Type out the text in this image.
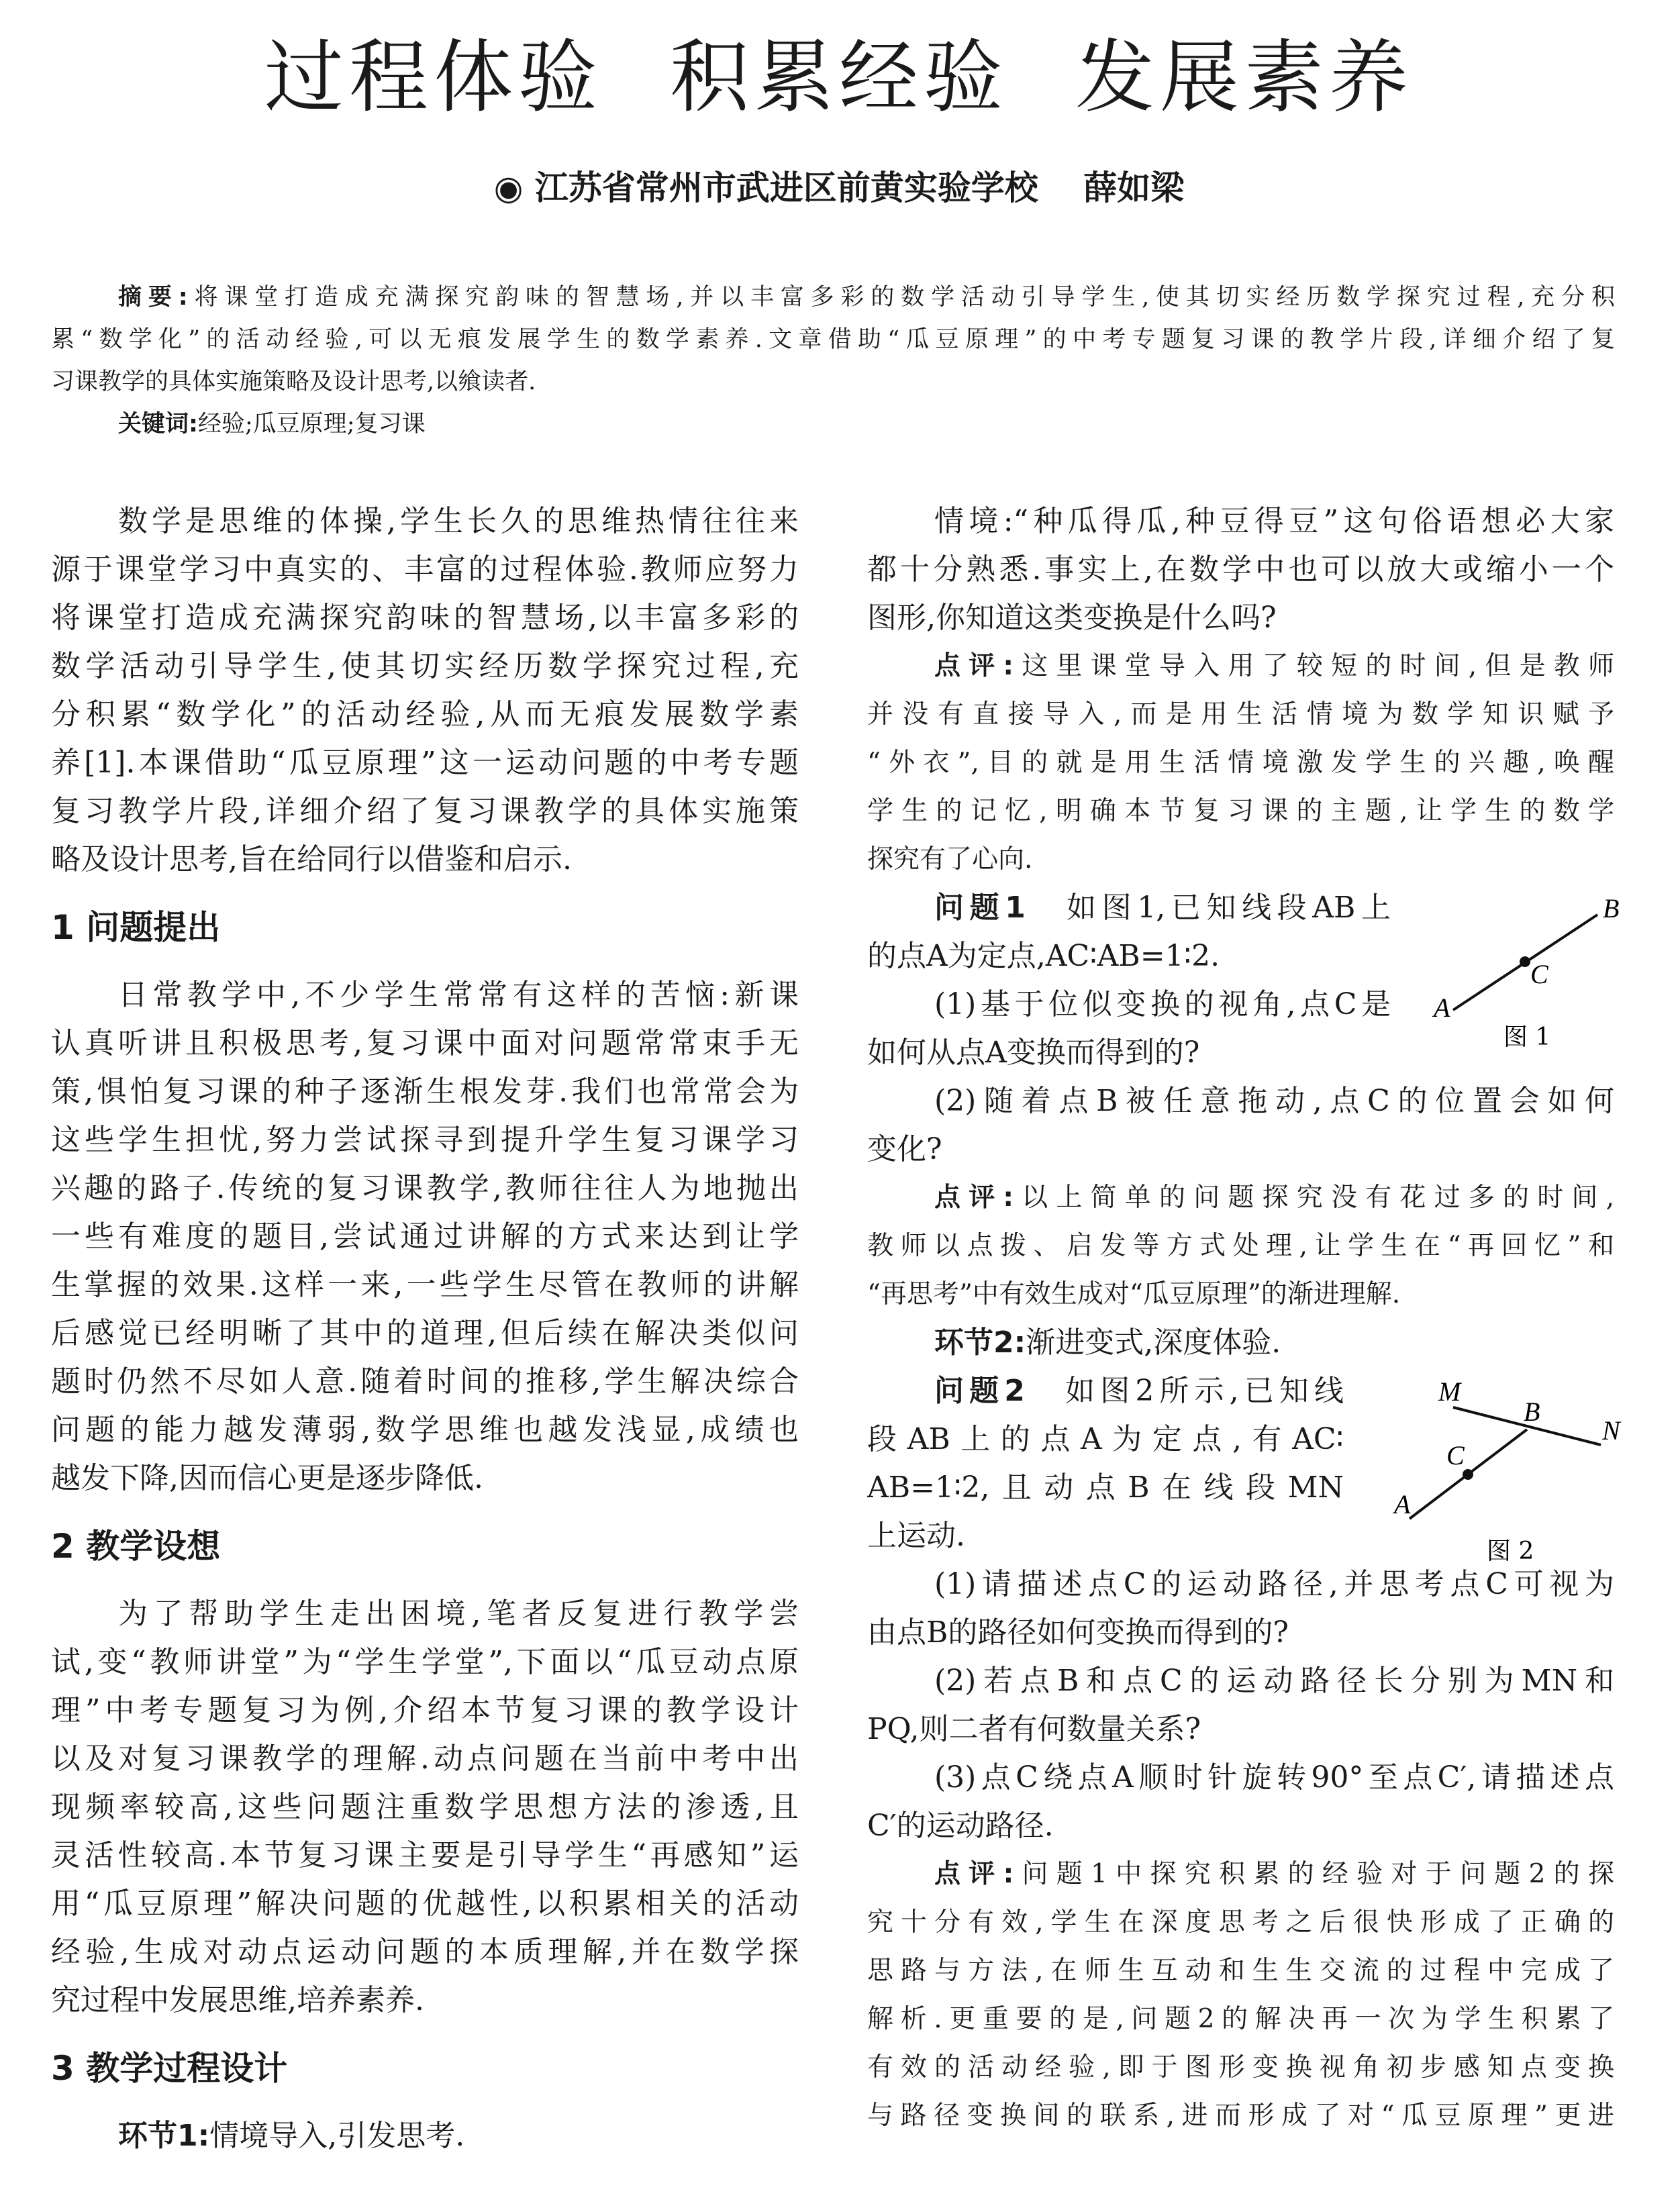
过程体验 积累经验 发展素养
◉ 江苏省常州市武进区前黄实验学校　 薛如梁
摘要:将课堂打造成充满探究韵味的智慧场,并以丰富多彩的数学活动引导学生,使其切实经历数学探究过程,充分积
累“数学化”的活动经验,可以无痕发展学生的数学素养.文章借助“瓜豆原理”的中考专题复习课的教学片段,详细介绍了复
习课教学的具体实施策略及设计思考,以飨读者.
关键词:经验;瓜豆原理;复习课
数学是思维的体操,学生长久的思维热情往往来
源于课堂学习中真实的、丰富的过程体验.教师应努力
将课堂打造成充满探究韵味的智慧场,以丰富多彩的
数学活动引导学生,使其切实经历数学探究过程,充
分积累“数学化”的活动经验,从而无痕发展数学素
养[1].本课借助“瓜豆原理”这一运动问题的中考专题
复习教学片段,详细介绍了复习课教学的具体实施策
略及设计思考,旨在给同行以借鉴和启示.
1 问题提出
日常教学中,不少学生常常有这样的苦恼:新课
认真听讲且积极思考,复习课中面对问题常常束手无
策,惧怕复习课的种子逐渐生根发芽.我们也常常会为
这些学生担忧,努力尝试探寻到提升学生复习课学习
兴趣的路子.传统的复习课教学,教师往往人为地抛出
一些有难度的题目,尝试通过讲解的方式来达到让学
生掌握的效果.这样一来,一些学生尽管在教师的讲解
后感觉已经明晰了其中的道理,但后续在解决类似问
题时仍然不尽如人意.随着时间的推移,学生解决综合
问题的能力越发薄弱,数学思维也越发浅显,成绩也
越发下降,因而信心更是逐步降低.
2 教学设想
为了帮助学生走出困境,笔者反复进行教学尝
试,变“教师讲堂”为“学生学堂”,下面以“瓜豆动点原
理”中考专题复习为例,介绍本节复习课的教学设计
以及对复习课教学的理解.动点问题在当前中考中出
现频率较高,这些问题注重数学思想方法的渗透,且
灵活性较高.本节复习课主要是引导学生“再感知”运
用“瓜豆原理”解决问题的优越性,以积累相关的活动
经验,生成对动点运动问题的本质理解,并在数学探
究过程中发展思维,培养素养.
3 教学过程设计
环节1:情境导入,引发思考.
情境:“种瓜得瓜,种豆得豆”这句俗语想必大家
都十分熟悉.事实上,在数学中也可以放大或缩小一个
图形,你知道这类变换是什么吗?
点评:这里课堂导入用了较短的时间,但是教师
并没有直接导入,而是用生活情境为数学知识赋予
“外衣”,目的就是用生活情境激发学生的兴趣,唤醒
学生的记忆,明确本节复习课的主题,让学生的数学
探究有了心向.
问题1　如图1,已知线段AB上
的点A为定点,AC∶AB=1∶2.
(1)基于位似变换的视角,点C是
如何从点A变换而得到的?
(2)随着点B被任意拖动,点C的位置会如何
变化?
点评:以上简单的问题探究没有花过多的时间,
教师以点拨、启发等方式处理,让学生在“再回忆”和
“再思考”中有效生成对“瓜豆原理”的渐进理解.
环节2:渐进变式,深度体验.
问题2　如图2所示,已知线
段AB上的点A为定点,有AC∶
AB=1∶2,且动点B在线段MN
上运动.
(1)请描述点C的运动路径,并思考点C可视为
由点B的路径如何变换而得到的?
(2)若点B和点C的运动路径长分别为MN和
PQ,则二者有何数量关系?
(3)点C绕点A顺时针旋转90°至点C′,请描述点
C′的运动路径.
点评:问题1中探究积累的经验对于问题2的探
究十分有效,学生在深度思考之后很快形成了正确的
思路与方法,在师生互动和生生交流的过程中完成了
解析.更重要的是,问题2的解决再一次为学生积累了
有效的活动经验,即于图形变换视角初步感知点变换
与路径变换间的联系,进而形成了对“瓜豆原理”更进
A
B
C
图 1
A
B
C
M
N
图 2
